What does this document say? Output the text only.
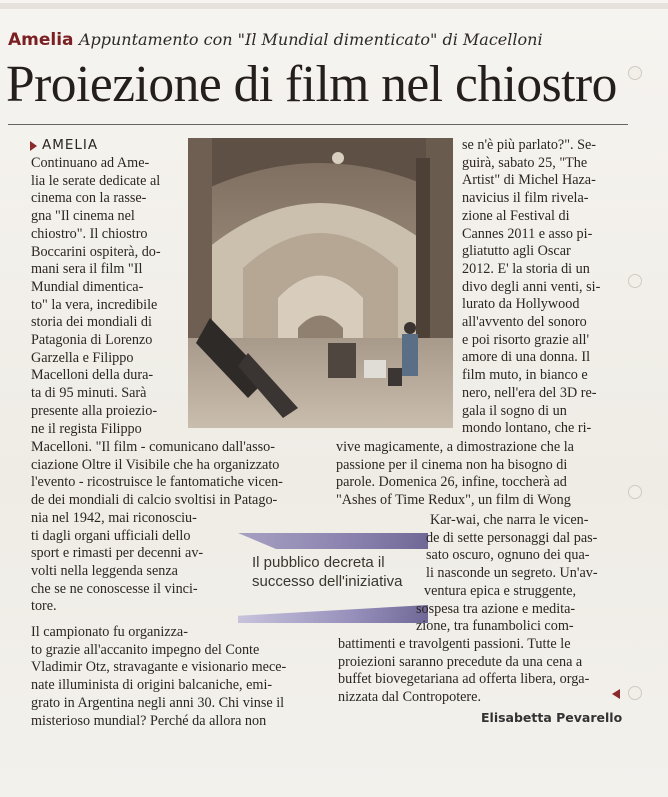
Amelia Appuntamento con "Il Mundial dimenticato" di Macelloni
Proiezione di film nel chiostro
AMELIA
Continuano ad Ame-
lia le serate dedicate al
cinema con la rasse-
gna "Il cinema nel
chiostro". Il chiostro
Boccarini ospiterà, do-
mani sera il film "Il
Mundial dimentica-
to" la vera, incredibile
storia dei mondiali di
Patagonia di Lorenzo
Garzella e Filippo
Macelloni della dura-
ta di 95 minuti. Sarà
presente alla proiezio-
ne il regista Filippo
Macelloni. "Il film - comunicano dall'asso-
ciazione Oltre il Visibile che ha organizzato
l'evento - ricostruisce le fantomatiche vicen-
de dei mondiali di calcio svoltisi in Patago-
nia nel 1942, mai riconosciu-
ti dagli organi ufficiali dello
sport e rimasti per decenni av-
volti nella leggenda senza
che se ne conoscesse il vinci-
tore.
Il campionato fu organizza-
to grazie all'accanito impegno del Conte
Vladimir Otz, stravagante e visionario mece-
nate illuminista di origini balcaniche, emi-
grato in Argentina negli anni 30. Chi vinse il
misterioso mundial? Perché da allora non
Il pubblico decreta il successo dell'iniziativa
se n'è più parlato?". Se-
guirà, sabato 25, "The
Artist" di Michel Haza-
navicius il film rivela-
zione al Festival di
Cannes 2011 e asso pi-
gliatutto agli Oscar
2012. E' la storia di un
divo degli anni venti, si-
lurato da Hollywood
all'avvento del sonoro
e poi risorto grazie all'
amore di una donna. Il
film muto, in bianco e
nero, nell'era del 3D re-
gala il sogno di un
mondo lontano, che ri-
vive magicamente, a dimostrazione che la
passione per il cinema non ha bisogno di
parole. Domenica 26, infine, toccherà ad
"Ashes of Time Redux", un film di Wong
Kar-wai, che narra le vicen-
de di sette personaggi dal pas-
sato oscuro, ognuno dei qua-
li nasconde un segreto. Un'av-
ventura epica e struggente,
sospesa tra azione e medita-
zione, tra funambolici com-
battimenti e travolgenti passioni. Tutte le
proiezioni saranno precedute da una cena a
buffet biovegetariana ad offerta libera, orga-
nizzata dal Contropotere.
Elisabetta Pevarello
